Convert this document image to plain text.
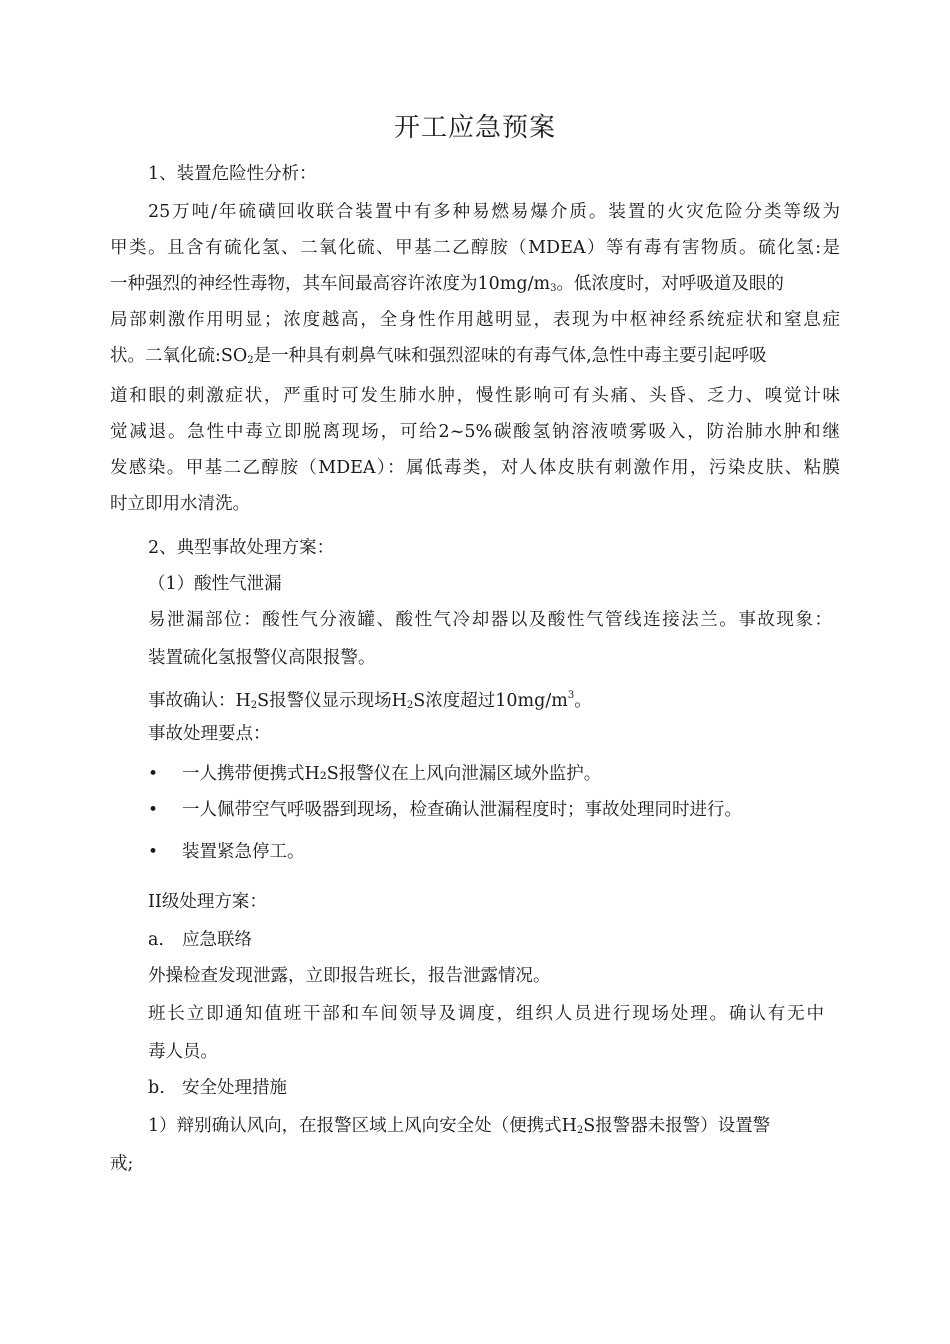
开工应急预案
1、装置危险性分析：
25万吨/年硫磺回收联合装置中有多种易燃易爆介质。装置的火灾危险分类等级为
甲类。且含有硫化氢、二氧化硫、甲基二乙醇胺（MDEA）等有毒有害物质。硫化氢:是
一种强烈的神经性毒物，其车间最高容许浓度为$10mg/m_3$。低浓度时，对呼吸道及眼的
局部刺激作用明显；浓度越高，全身性作用越明显，表现为中枢神经系统症状和窒息症
状。二氧化硫$:SO_2$是一种具有刺鼻气味和强烈涩味的有毒气体,急性中毒主要引起呼吸
道和眼的刺激症状，严重时可发生肺水肿，慢性影响可有头痛、头昏、乏力、嗅觉计味
觉减退。急性中毒立即脱离现场，可给2~5%碳酸氢钠溶液喷雾吸入，防治肺水肿和继
发感染。甲基二乙醇胺（MDEA）：属低毒类，对人体皮肤有刺激作用，污染皮肤、粘膜
时立即用水清洗。
2、典型事故处理方案：
（1）酸性气泄漏
易泄漏部位：酸性气分液罐、酸性气冷却器以及酸性气管线连接法兰。事故现象：
装置硫化氢报警仪高限报警。
事故确认：$H_2S$报警仪显示现场$H_2S$浓度超过$10mg/m^3$。
事故处理要点：
• 一人携带便携式H₂S报警仪在上风向泄漏区域外监护。
• 一人佩带空气呼吸器到现场，检查确认泄漏程度时；事故处理同时进行。
• 装置紧急停工。
II级处理方案：
a. 应急联络
外操检查发现泄露，立即报告班长，报告泄露情况。
班长立即通知值班干部和车间领导及调度，组织人员进行现场处理。确认有无中
毒人员。
b. 安全处理措施
1）辩别确认风向，在报警区域上风向安全处（便携式$H_2S$报警器未报警）设置警
戒;
